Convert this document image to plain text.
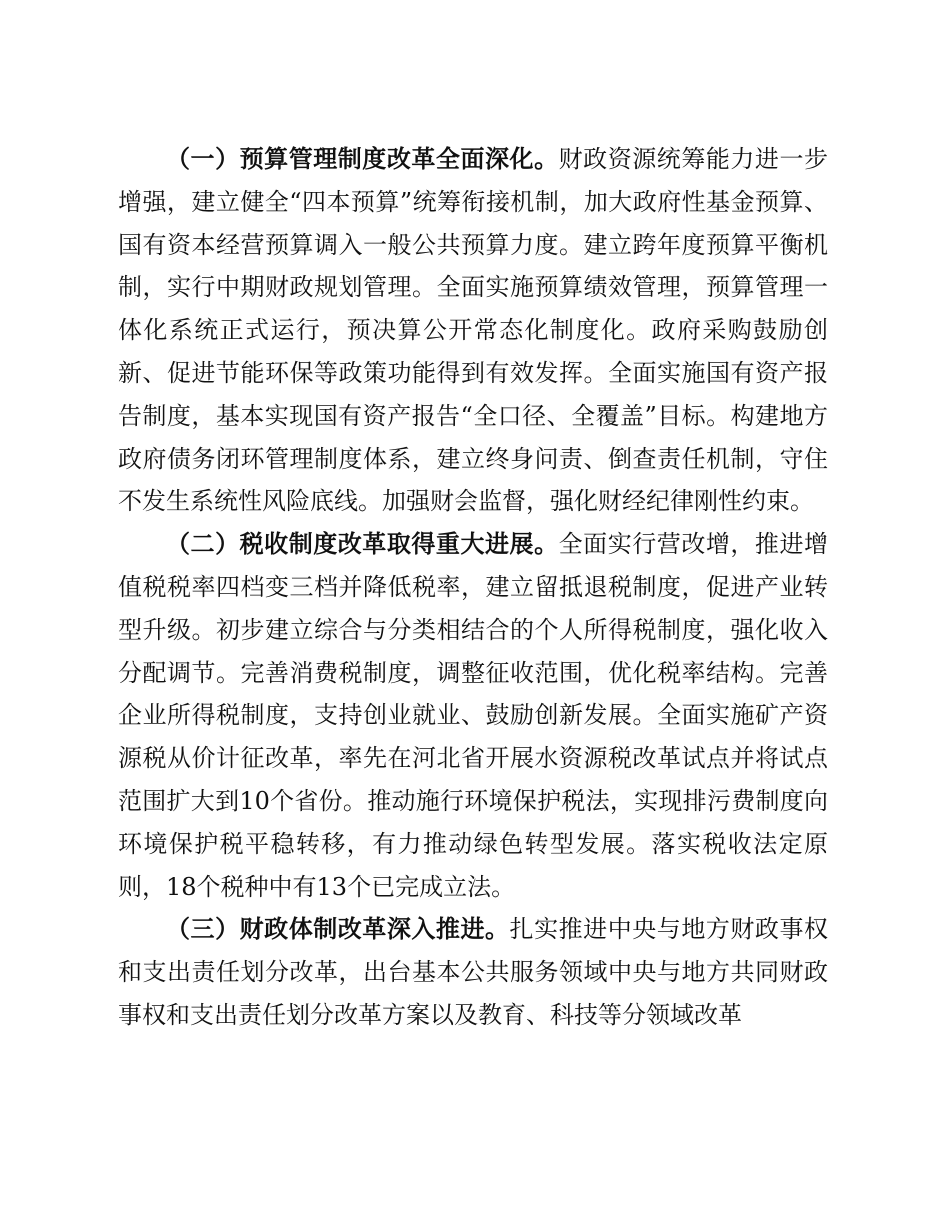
（一）预算管理制度改革全面深化。财政资源统筹能力进一步增强，建立健全“四本预算”统筹衔接机制，加大政府性基金预算、国有资本经营预算调入一般公共预算力度。建立跨年度预算平衡机制，实行中期财政规划管理。全面实施预算绩效管理，预算管理一体化系统正式运行，预决算公开常态化制度化。政府采购鼓励创新、促进节能环保等政策功能得到有效发挥。全面实施国有资产报告制度，基本实现国有资产报告“全口径、全覆盖”目标。构建地方政府债务闭环管理制度体系，建立终身问责、倒查责任机制，守住不发生系统性风险底线。加强财会监督，强化财经纪律刚性约束。

（二）税收制度改革取得重大进展。全面实行营改增，推进增值税税率四档变三档并降低税率，建立留抵退税制度，促进产业转型升级。初步建立综合与分类相结合的个人所得税制度，强化收入分配调节。完善消费税制度，调整征收范围，优化税率结构。完善企业所得税制度，支持创业就业、鼓励创新发展。全面实施矿产资源税从价计征改革，率先在河北省开展水资源税改革试点并将试点范围扩大到10个省份。推动施行环境保护税法，实现排污费制度向环境保护税平稳转移，有力推动绿色转型发展。落实税收法定原则，18个税种中有13个已完成立法。

（三）财政体制改革深入推进。扎实推进中央与地方财政事权和支出责任划分改革，出台基本公共服务领域中央与地方共同财政事权和支出责任划分改革方案以及教育、科技等分领域改革
